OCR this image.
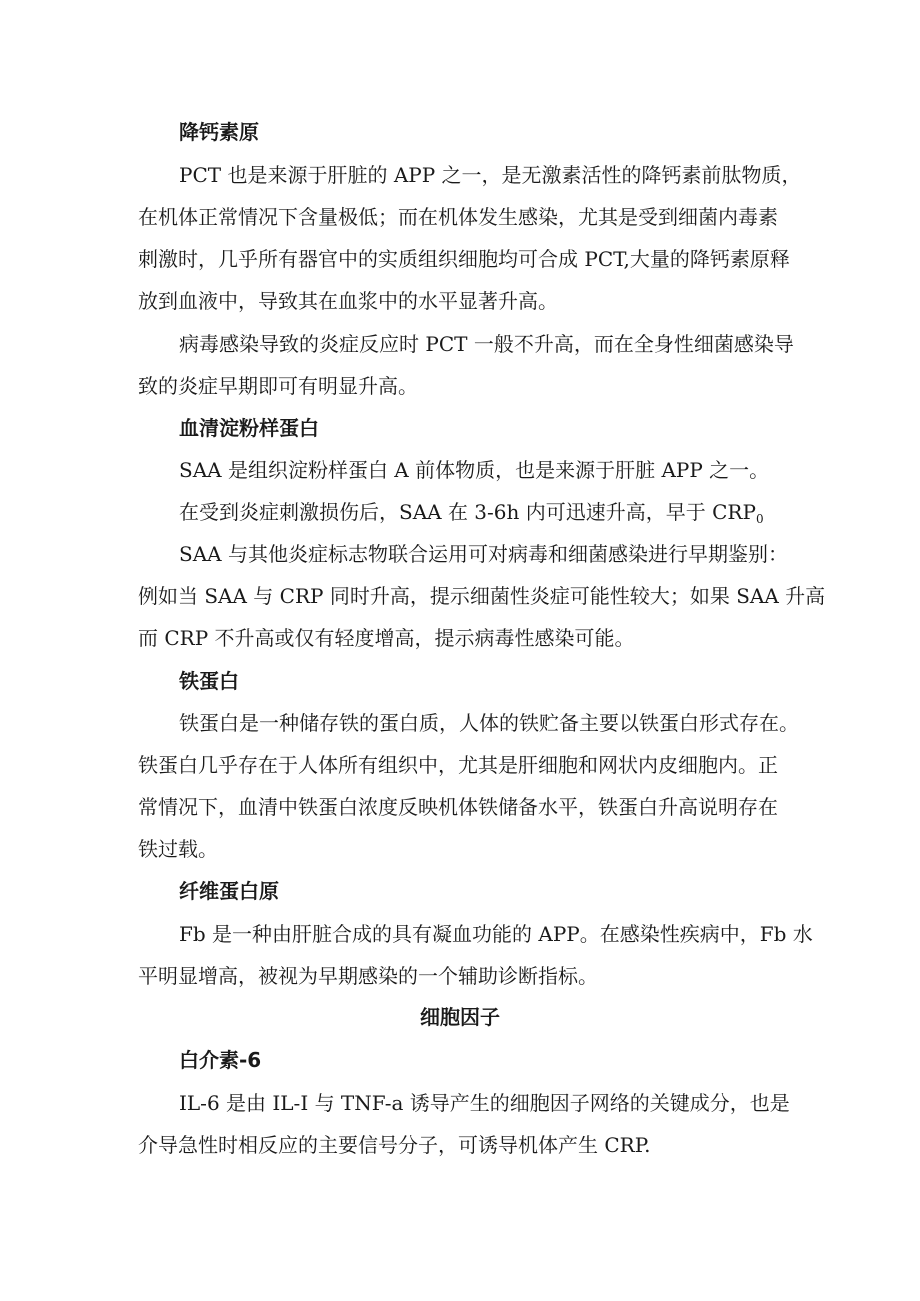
降钙素原
PCT 也是来源于肝脏的 APP 之一，是无激素活性的降钙素前肽物质，
在机体正常情况下含量极低；而在机体发生感染，尤其是受到细菌内毒素
刺激时，几乎所有器官中的实质组织细胞均可合成 PCT,大量的降钙素原释
放到血液中，导致其在血浆中的水平显著升高。
病毒感染导致的炎症反应时 PCT 一般不升高，而在全身性细菌感染导
致的炎症早期即可有明显升高。
血清淀粉样蛋白
SAA 是组织淀粉样蛋白 A 前体物质，也是来源于肝脏 APP 之一。
在受到炎症刺激损伤后，SAA 在 3-6h 内可迅速升高，早于 $CRP_0$
SAA 与其他炎症标志物联合运用可对病毒和细菌感染进行早期鉴别：
例如当 SAA 与 CRP 同时升高，提示细菌性炎症可能性较大；如果 SAA 升高
而 CRP 不升高或仅有轻度增高，提示病毒性感染可能。
铁蛋白
铁蛋白是一种储存铁的蛋白质，人体的铁贮备主要以铁蛋白形式存在。
铁蛋白几乎存在于人体所有组织中，尤其是肝细胞和网状内皮细胞内。正
常情况下，血清中铁蛋白浓度反映机体铁储备水平，铁蛋白升高说明存在
铁过载。
纤维蛋白原
Fb 是一种由肝脏合成的具有凝血功能的 APP。在感染性疾病中，Fb 水
平明显增高，被视为早期感染的一个辅助诊断指标。
细胞因子
白介素-6
IL-6 是由 IL-I 与 TNF-a 诱导产生的细胞因子网络的关键成分，也是
介导急性时相反应的主要信号分子，可诱导机体产生 CRP.
